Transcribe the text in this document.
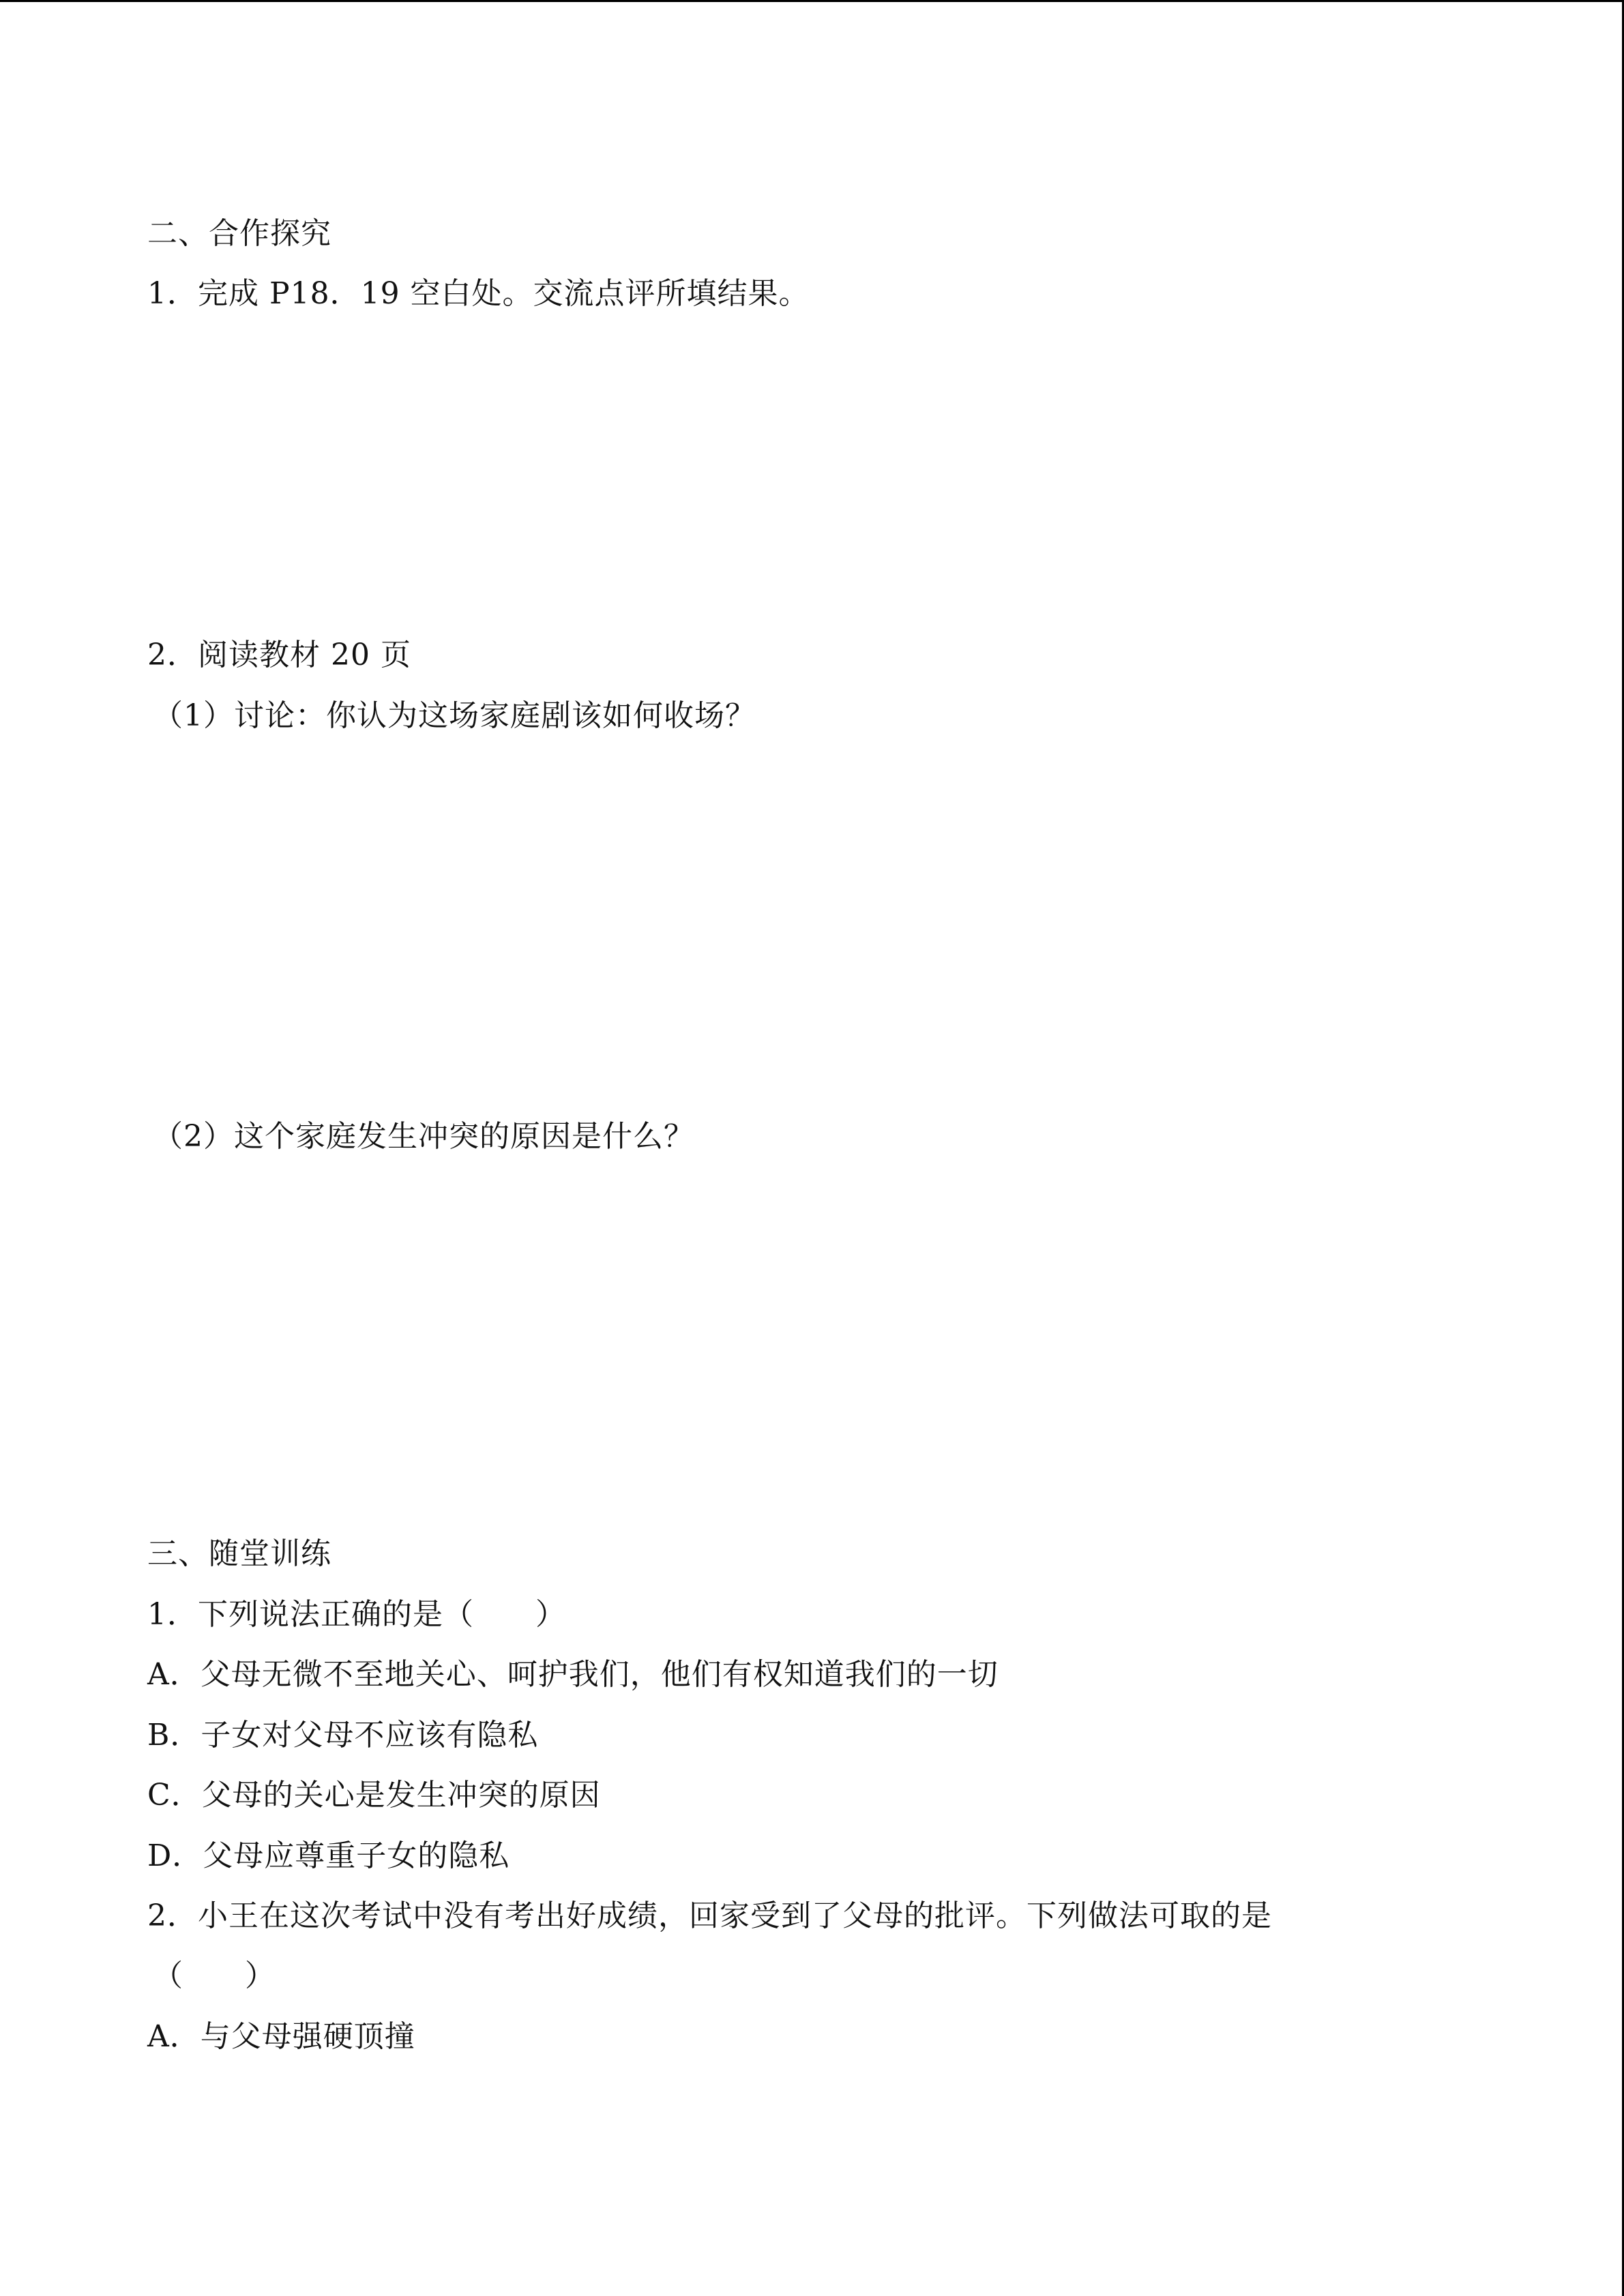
二、合作探究
1．完成 P18．19 空白处。交流点评所填结果。
2．阅读教材 20 页
（1）讨论：你认为这场家庭剧该如何收场？
（2）这个家庭发生冲突的原因是什么？
三、随堂训练
1．下列说法正确的是（　　）
A．父母无微不至地关心、呵护我们，他们有权知道我们的一切
B．子女对父母不应该有隐私
C．父母的关心是发生冲突的原因
D．父母应尊重子女的隐私
2．小王在这次考试中没有考出好成绩，回家受到了父母的批评。下列做法可取的是
（　　）
A．与父母强硬顶撞
